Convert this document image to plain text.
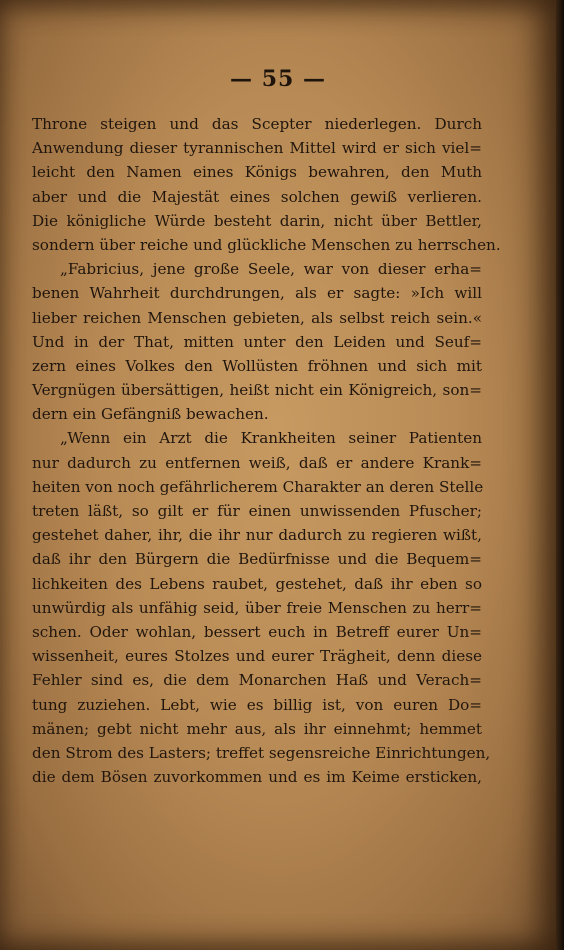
— 55 —
Throne steigen und das Scepter niederlegen. Durch
Anwendung dieser tyrannischen Mittel wird er sich viel=
leicht den Namen eines Königs bewahren, den Muth
aber und die Majestät eines solchen gewiß verlieren.
Die königliche Würde besteht darin, nicht über Bettler,
sondern über reiche und glückliche Menschen zu herrschen.
„Fabricius, jene große Seele, war von dieser erha=
benen Wahrheit durchdrungen, als er sagte: »Ich will
lieber reichen Menschen gebieten, als selbst reich sein.«
Und in der That, mitten unter den Leiden und Seuf=
zern eines Volkes den Wollüsten fröhnen und sich mit
Vergnügen übersättigen, heißt nicht ein Königreich, son=
dern ein Gefängniß bewachen.
„Wenn ein Arzt die Krankheiten seiner Patienten
nur dadurch zu entfernen weiß, daß er andere Krank=
heiten von noch gefährlicherem Charakter an deren Stelle
treten läßt, so gilt er für einen unwissenden Pfuscher;
gestehet daher, ihr, die ihr nur dadurch zu regieren wißt,
daß ihr den Bürgern die Bedürfnisse und die Bequem=
lichkeiten des Lebens raubet, gestehet, daß ihr eben so
unwürdig als unfähig seid, über freie Menschen zu herr=
schen. Oder wohlan, bessert euch in Betreff eurer Un=
wissenheit, eures Stolzes und eurer Trägheit, denn diese
Fehler sind es, die dem Monarchen Haß und Verach=
tung zuziehen. Lebt, wie es billig ist, von euren Do=
mänen; gebt nicht mehr aus, als ihr einnehmt; hemmet
den Strom des Lasters; treffet segensreiche Einrichtungen,
die dem Bösen zuvorkommen und es im Keime ersticken,
